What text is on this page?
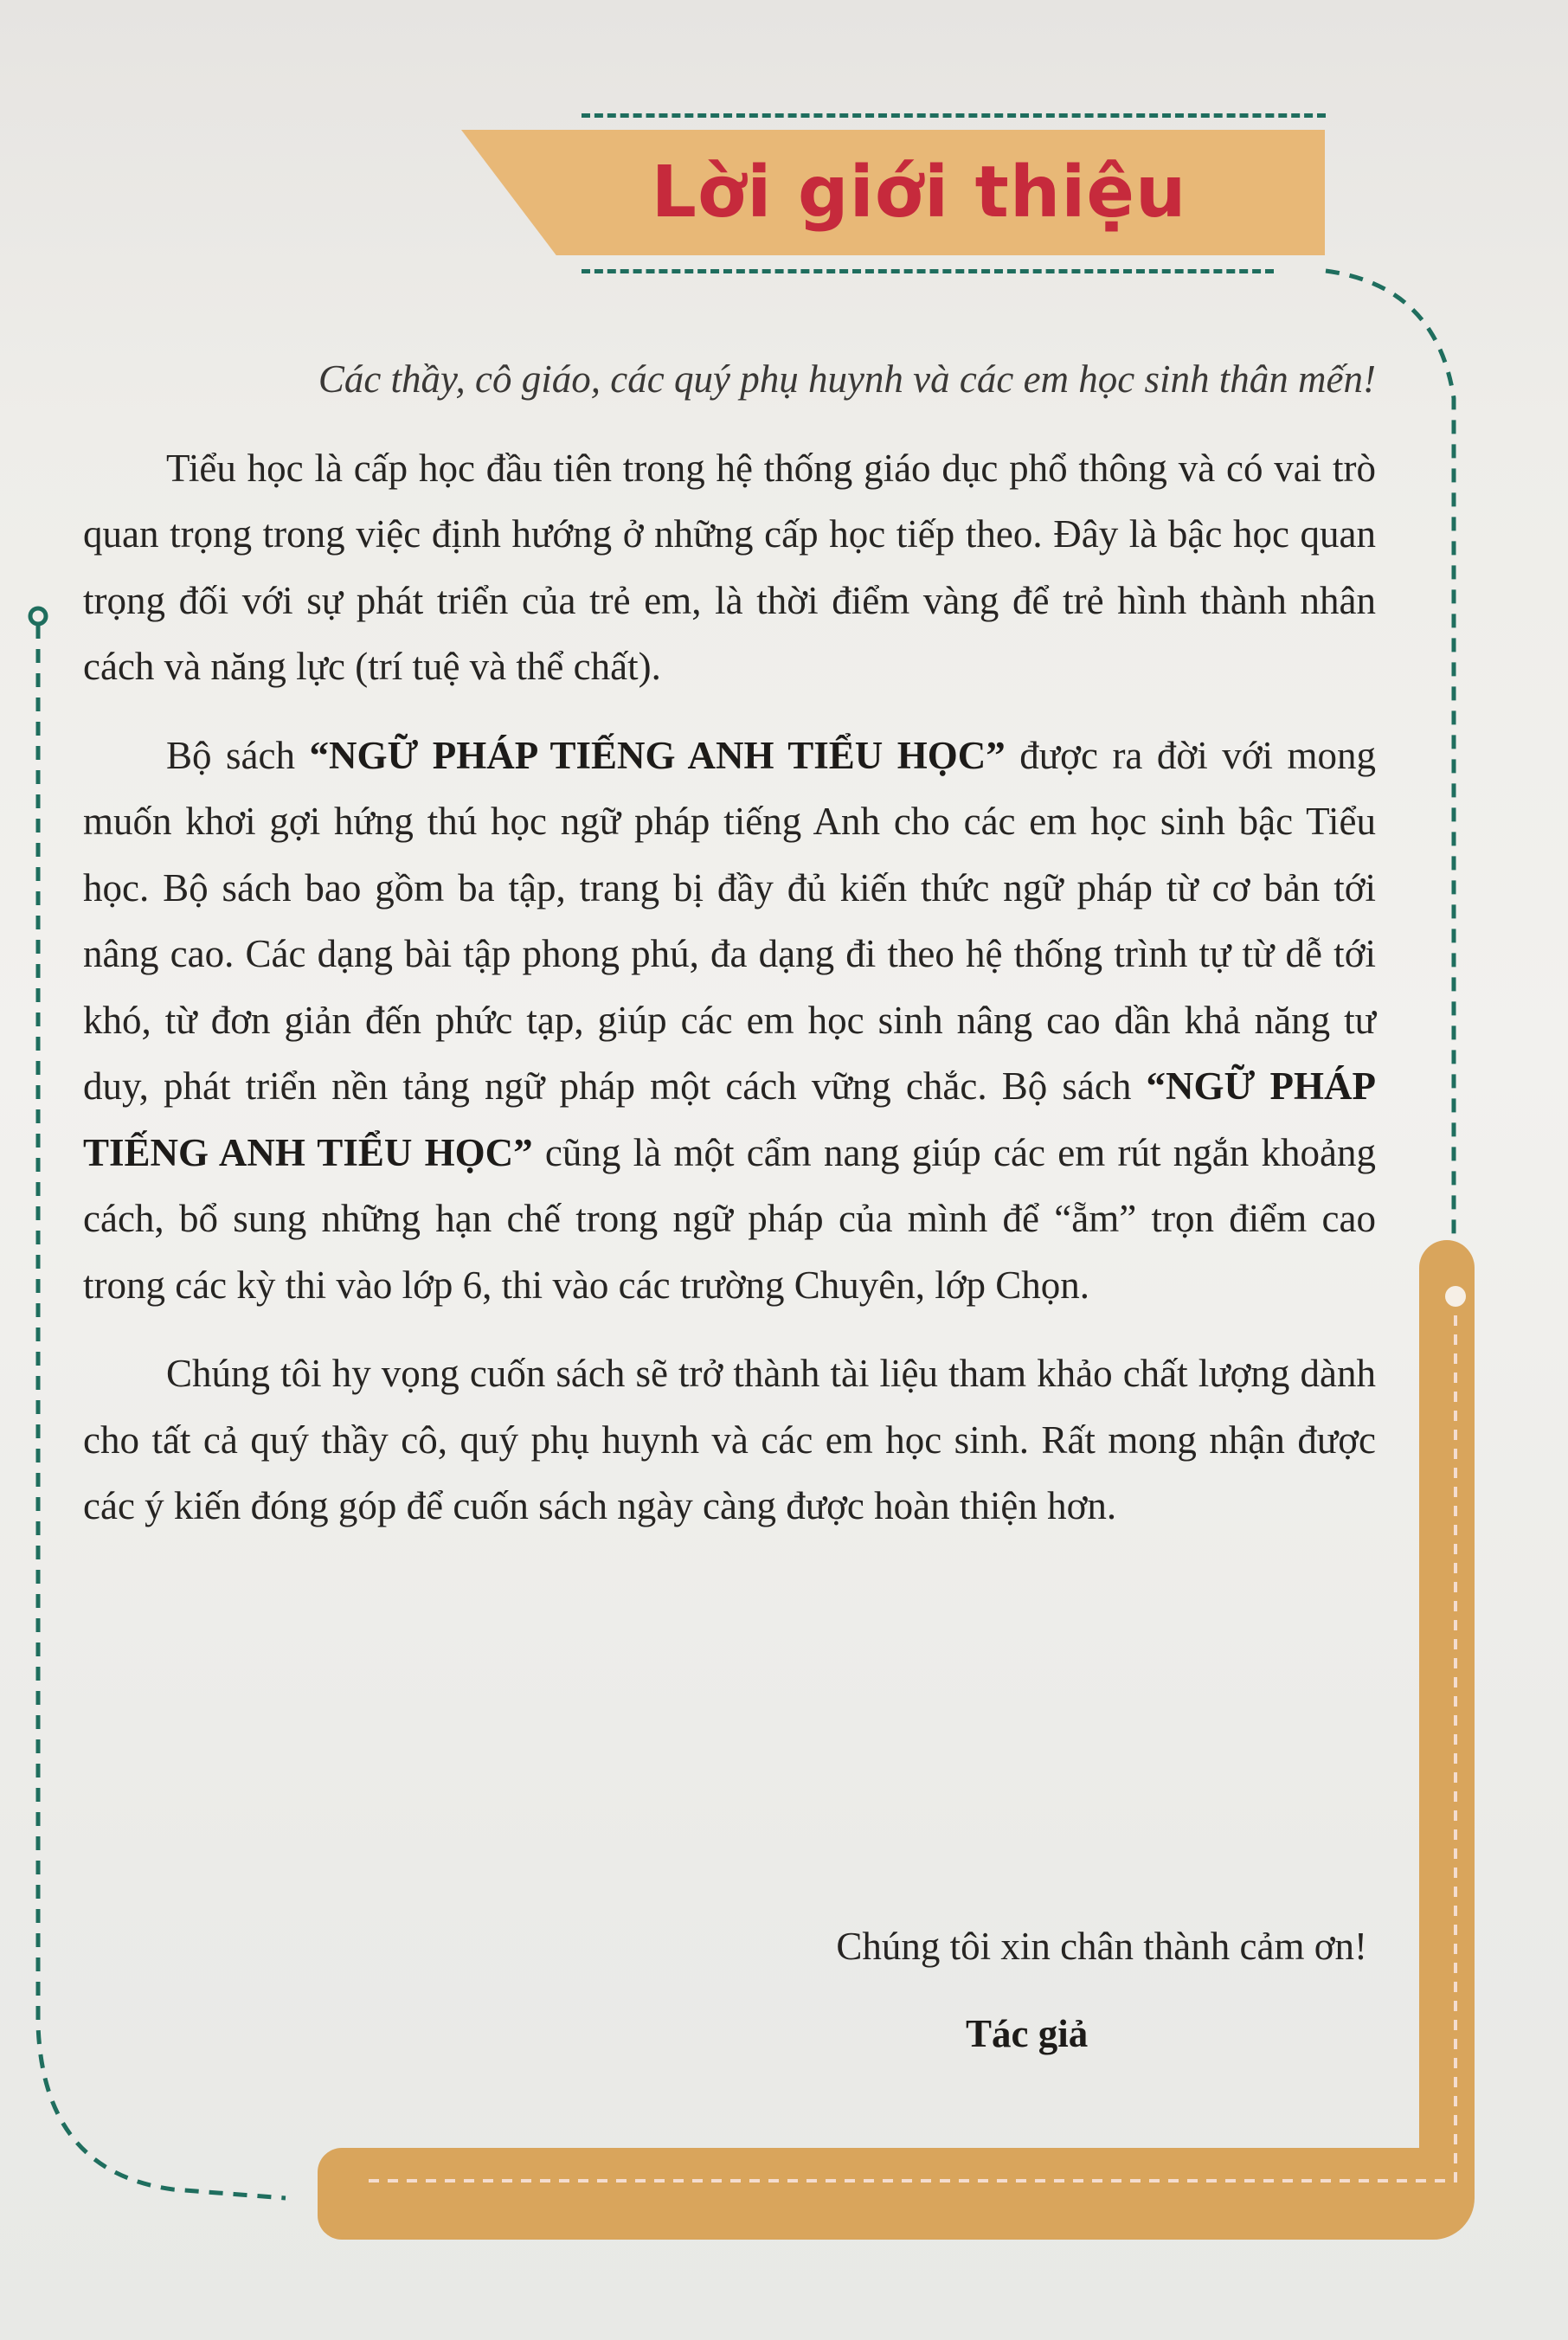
Lời giới thiệu

Các thầy, cô giáo, các quý phụ huynh và các em học sinh thân mến!

Tiểu học là cấp học đầu tiên trong hệ thống giáo dục phổ thông và có vai trò quan trọng trong việc định hướng ở những cấp học tiếp theo. Đây là bậc học quan trọng đối với sự phát triển của trẻ em, là thời điểm vàng để trẻ hình thành nhân cách và năng lực (trí tuệ và thể chất).

Bộ sách “NGỮ PHÁP TIẾNG ANH TIỂU HỌC” được ra đời với mong muốn khơi gợi hứng thú học ngữ pháp tiếng Anh cho các em học sinh bậc Tiểu học. Bộ sách bao gồm ba tập, trang bị đầy đủ kiến thức ngữ pháp từ cơ bản tới nâng cao. Các dạng bài tập phong phú, đa dạng đi theo hệ thống trình tự từ dễ tới khó, từ đơn giản đến phức tạp, giúp các em học sinh nâng cao dần khả năng tư duy, phát triển nền tảng ngữ pháp một cách vững chắc. Bộ sách “NGỮ PHÁP TIẾNG ANH TIỂU HỌC” cũng là một cẩm nang giúp các em rút ngắn khoảng cách, bổ sung những hạn chế trong ngữ pháp của mình để “ẵm” trọn điểm cao trong các kỳ thi vào lớp 6, thi vào các trường Chuyên, lớp Chọn.

Chúng tôi hy vọng cuốn sách sẽ trở thành tài liệu tham khảo chất lượng dành cho tất cả quý thầy cô, quý phụ huynh và các em học sinh. Rất mong nhận được các ý kiến đóng góp để cuốn sách ngày càng được hoàn thiện hơn.

Chúng tôi xin chân thành cảm ơn!
Tác giả
